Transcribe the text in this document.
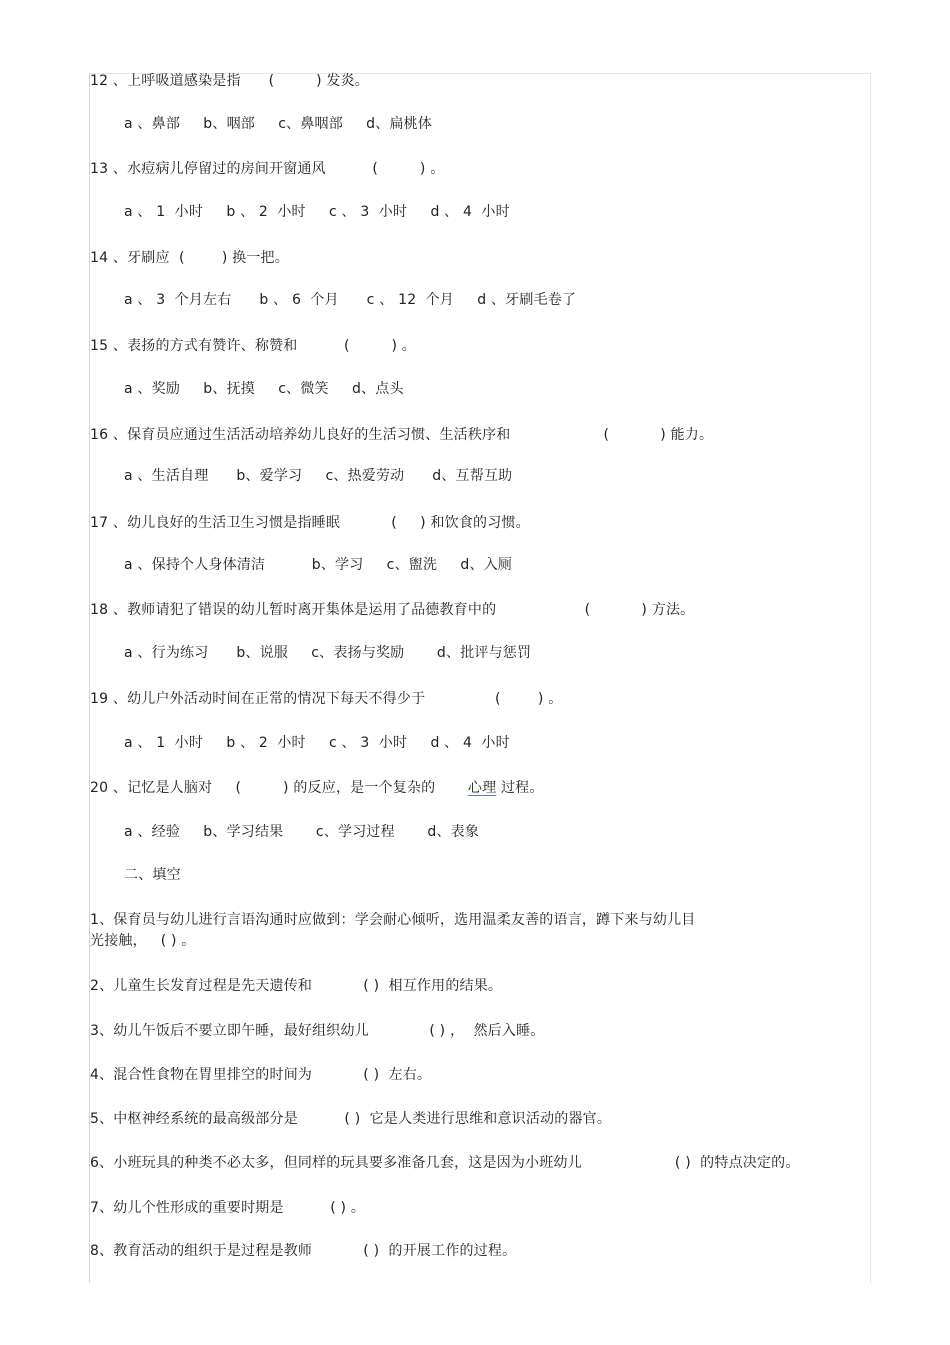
12 、上呼吸道感染是指      (         ) 发炎。
a 、鼻部     b、咽部     c、鼻咽部     d、扁桃体
13 、水痘病儿停留过的房间开窗通风          (         ) 。
a 、 1  小时     b 、 2  小时     c 、 3  小时     d 、 4  小时
14 、牙刷应  (        ) 换一把。
a 、 3  个月左右      b 、 6  个月      c 、 12  个月     d 、牙刷毛卷了
15 、表扬的方式有赞许、称赞和          (         ) 。
a 、奖励     b、抚摸     c、微笑     d、点头
16 、保育员应通过生活活动培养幼儿良好的生活习惯、生活秩序和                    (           ) 能力。
a 、生活自理      b、爱学习     c、热爱劳动      d、互帮互助
17 、幼儿良好的生活卫生习惯是指睡眠           (     ) 和饮食的习惯。
a 、保持个人身体清洁          b、学习     c、盥洗     d、入厕
18 、教师请犯了错误的幼儿暂时离开集体是运用了品德教育中的                   (           ) 方法。
a 、行为练习      b、说服     c、表扬与奖励       d、批评与惩罚
19 、幼儿户外活动时间在正常的情况下每天不得少于               (        ) 。
a 、 1  小时     b 、 2  小时     c 、 3  小时     d 、 4  小时
20 、记忆是人脑对     (         ) 的反应，是一个复杂的       心理 过程。
a 、经验     b、学习结果       c、学习过程       d、表象
二、填空
1、保育员与幼儿进行言语沟通时应做到：学会耐心倾听，选用温柔友善的语言，蹲下来与幼儿目
光接触，   ( ) 。
2、儿童生长发育过程是先天遗传和           ( )  相互作用的结果。
3、幼儿午饭后不要立即午睡，最好组织幼儿             ( ) ，  然后入睡。
4、混合性食物在胃里排空的时间为           ( )  左右。
5、中枢神经系统的最高级部分是          ( )  它是人类进行思维和意识活动的器官。
6、小班玩具的种类不必太多，但同样的玩具要多准备几套，这是因为小班幼儿                    ( )  的特点决定的。
7、幼儿个性形成的重要时期是          ( ) 。
8、教育活动的组织于是过程是教师           ( )  的开展工作的过程。
